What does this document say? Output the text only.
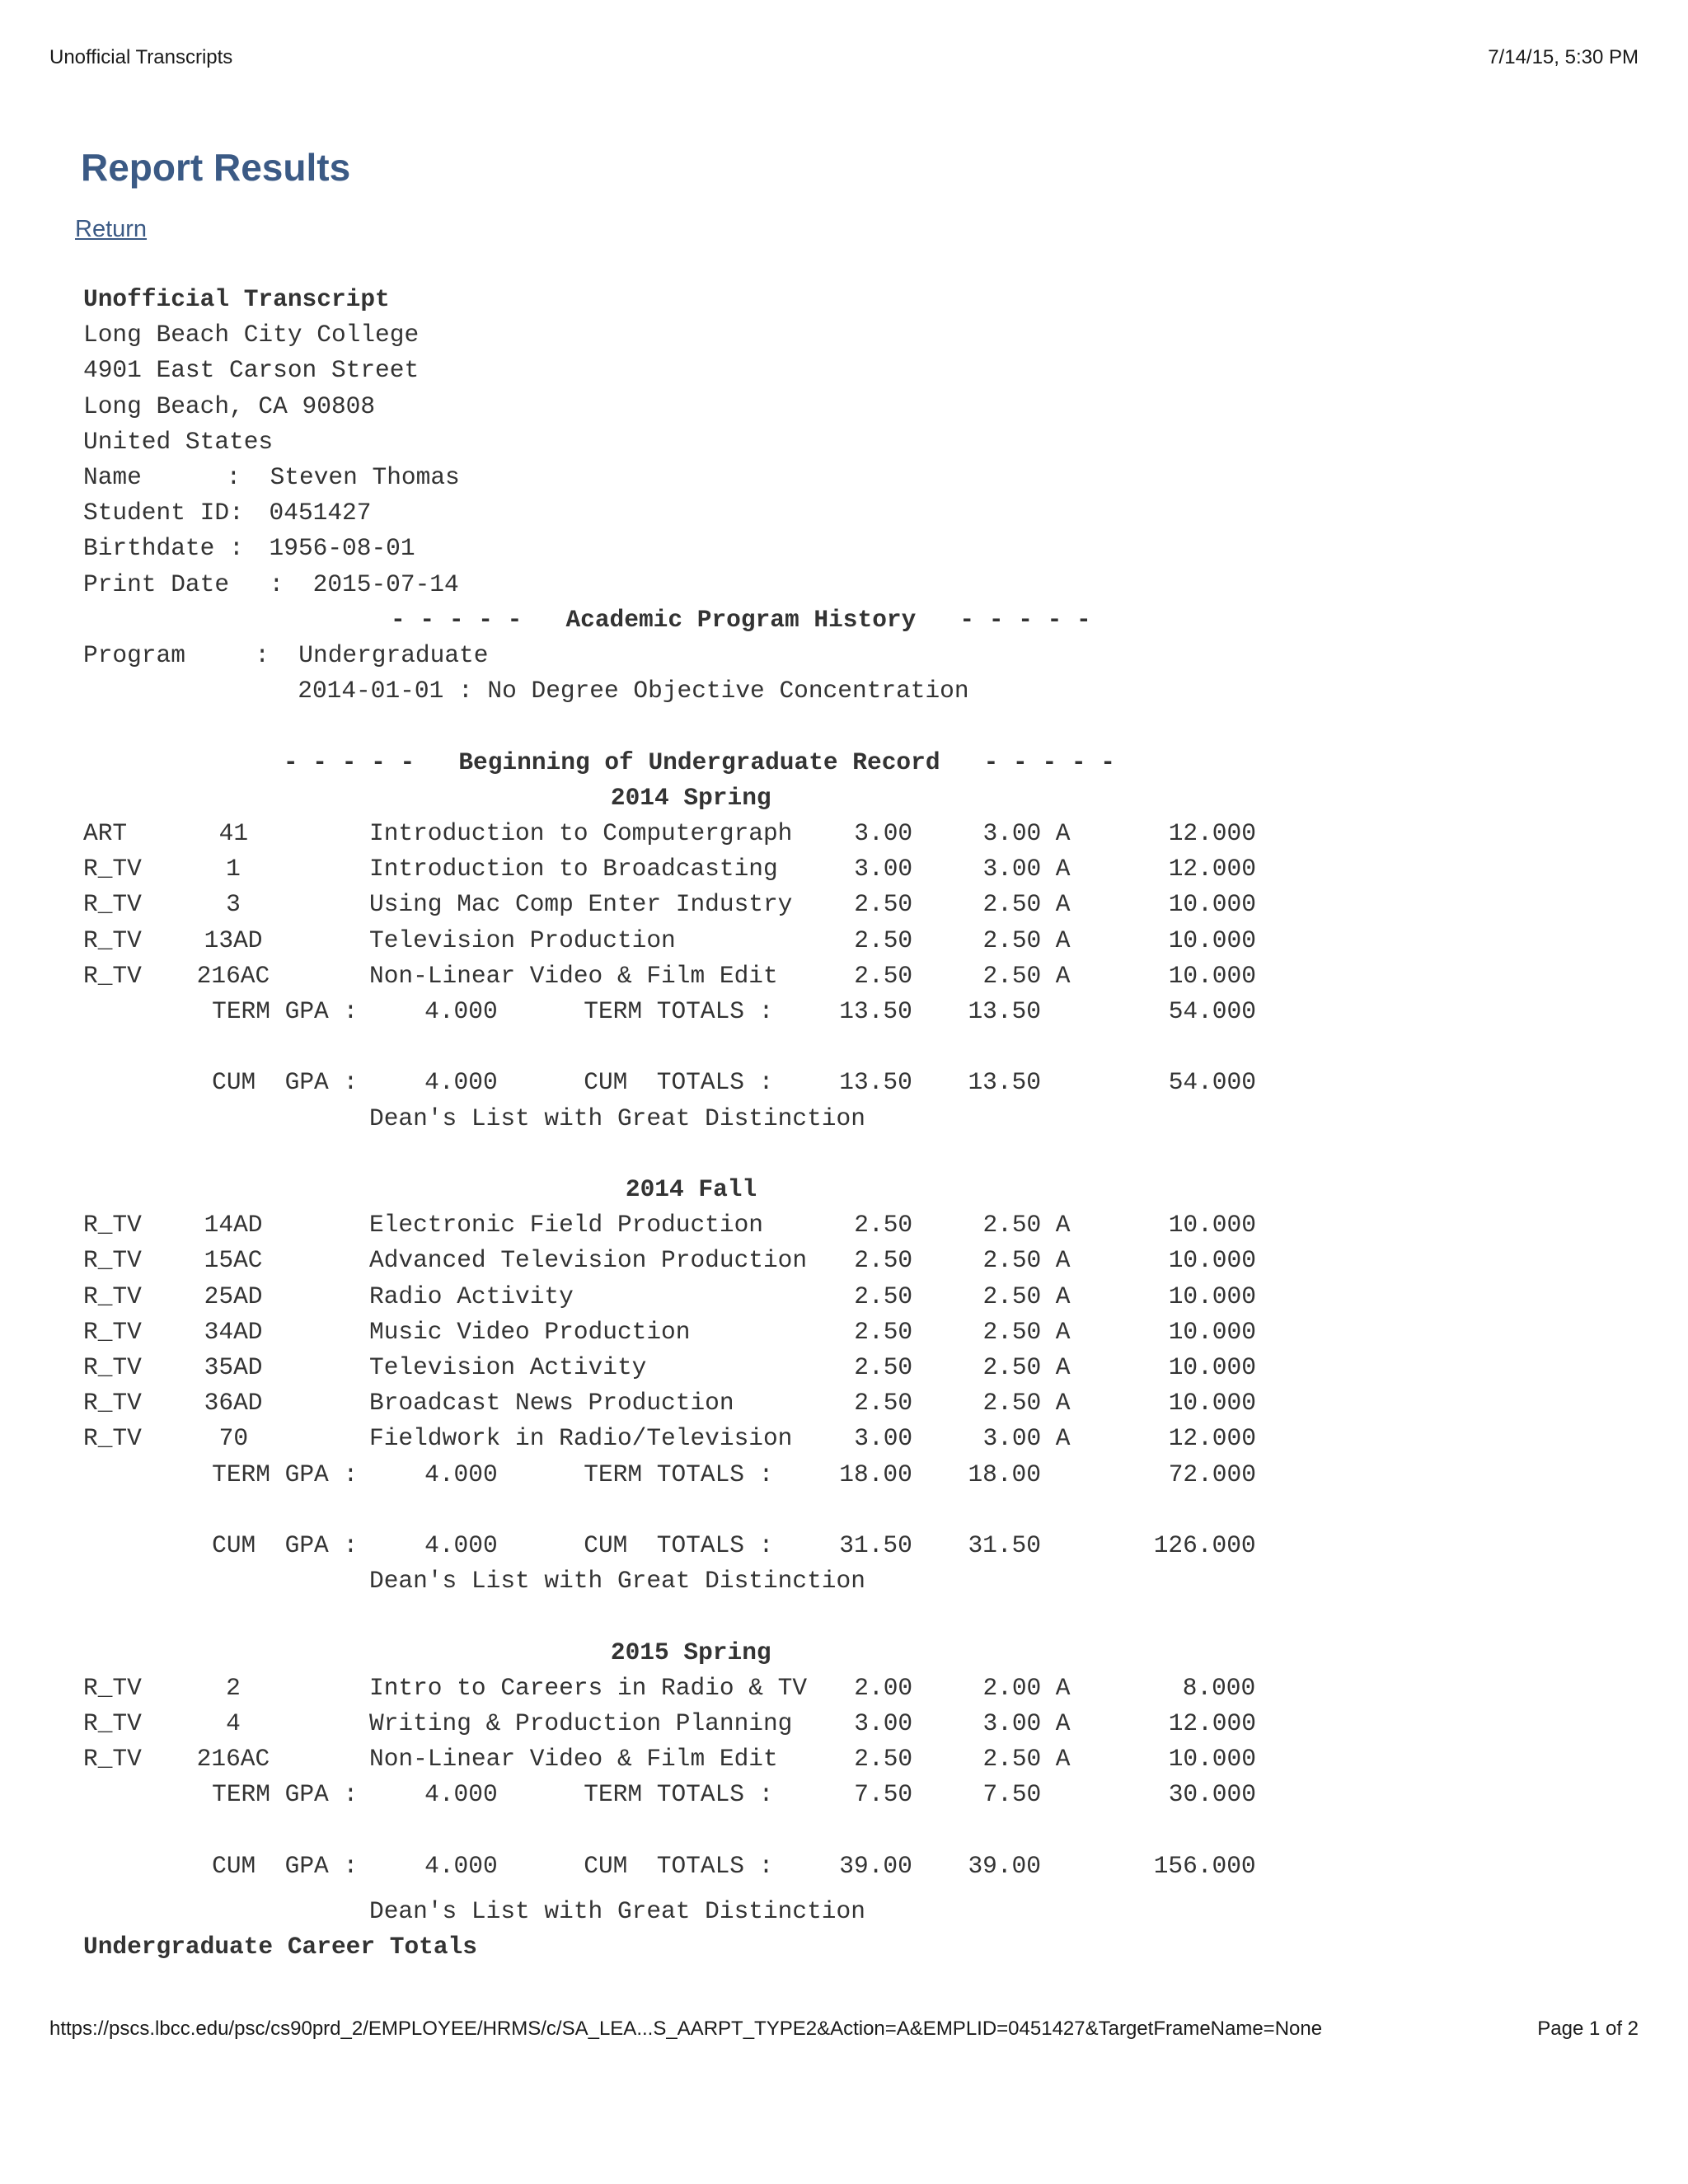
Unofficial Transcripts	7/14/15, 5:30 PM
Report Results
Return
Unofficial Transcript
Long Beach City College
4901 East Carson Street
Long Beach, CA 90808
United States
Name	:  Steven Thomas
Student ID: 0451427
Birthdate : 1956-08-01
Print Date :  2015-07-14
- - - - -   Academic Program History   - - - - -
Program	:  Undergraduate
2014-01-01 : No Degree Objective Concentration
- - - - -   Beginning of Undergraduate Record   - - - - -
2014 Spring
ART	41	Introduction to Computergraph	3.00	3.00 A	12.000
R_TV	1	Introduction to Broadcasting	3.00	3.00 A	12.000
R_TV	3	Using Mac Comp Enter Industry	2.50	2.50 A	10.000
R_TV	13AD	Television Production	2.50	2.50 A	10.000
R_TV 216AC	Non-Linear Video & Film Edit	2.50	2.50 A	10.000
TERM GPA :	4.000	TERM TOTALS :	13.50 13.50	54.000
CUM  GPA :	4.000	CUM  TOTALS :	13.50 13.50	54.000
Dean's List with Great Distinction
2014 Fall
R_TV	14AD	Electronic Field Production	2.50	2.50 A	10.000
R_TV	15AC	Advanced Television Production 2.50	2.50 A	10.000
R_TV	25AD	Radio Activity	2.50	2.50 A	10.000
R_TV	34AD	Music Video Production	2.50	2.50 A	10.000
R_TV	35AD	Television Activity	2.50	2.50 A	10.000
R_TV	36AD	Broadcast News Production	2.50	2.50 A	10.000
R_TV	70	Fieldwork in Radio/Television	3.00	3.00 A	12.000
TERM GPA :	4.000	TERM TOTALS :	18.00 18.00	72.000
CUM  GPA :	4.000	CUM  TOTALS :	31.50 31.50	126.000
Dean's List with Great Distinction
2015 Spring
R_TV	2	Intro to Careers in Radio & TV 2.00	2.00 A	8.000
R_TV	4	Writing & Production Planning	3.00	3.00 A	12.000
R_TV 216AC	Non-Linear Video & Film Edit	2.50	2.50 A	10.000
TERM GPA :	4.000	TERM TOTALS :	7.50	7.50	30.000
CUM  GPA :	4.000	CUM  TOTALS :	39.00 39.00	156.000
Dean's List with Great Distinction
Undergraduate Career Totals
https://pscs.lbcc.edu/psc/cs90prd_2/EMPLOYEE/HRMS/c/SA_LEA...S_AARPT_TYPE2&Action=A&EMPLID=0451427&TargetFrameName=None	Page 1 of 2
